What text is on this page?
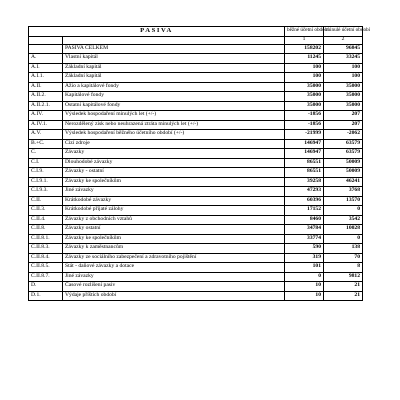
PASIVA		běžné účetní období	minulé účetní období
		1	2
	PASIVA CELKEM	158202	96845
A.	Vlastní kapitál	11245	33245
A.I.	Základní kapitál	100	100
A.I.1.	Základní kapitál	100	100
A.II.	Ážio a kapitálové fondy	35000	35000
A.II.2.	Kapitálové fondy	35000	35000
A.II.2.1.	Ostatní kapitálové fondy	35000	35000
A.IV.	Výsledek hospodaření minulých let (+/-)	-1856	207
A.IV.1.	Nerozdělený zisk nebo neuhrazená ztráta minulých let (+/-)	-1856	207
A.V.	Výsledek hospodaření běžného účetního období (+/-)	-21999	-2062
B.+C.	Cizí zdroje	146947	63579
C.	Závazky	146947	63579
C.I.	Dlouhodobé závazky	86551	50009
C.I.9.	Závazky - ostatní	86551	50009
C.I.9.1.	Závazky ke společníkům	39258	46241
C.I.9.3.	Jiné závazky	47293	3768
C.II.	Krátkodobé závazky	60396	13570
C.II.3.	Krátkodobé přijaté zálohy	17152	0
C.II.4.	Závazky z obchodních vztahů	8460	3542
C.II.8.	Závazky ostatní	34784	10028
C.II.8.1.	Závazky ke společníkům	33774	0
C.II.8.3.	Závazky k zaměstnancům	590	138
C.II.8.4.	Závazky ze sociálního zabezpečení a zdravotního pojištění	319	70
C.II.8.5.	Stát - daňové závazky a dotace	101	8
C.II.8.7.	Jiné závazky	0	9812
D.	Časové rozlišení pasiv	10	21
D.1.	Výdaje příštích období	10	21
